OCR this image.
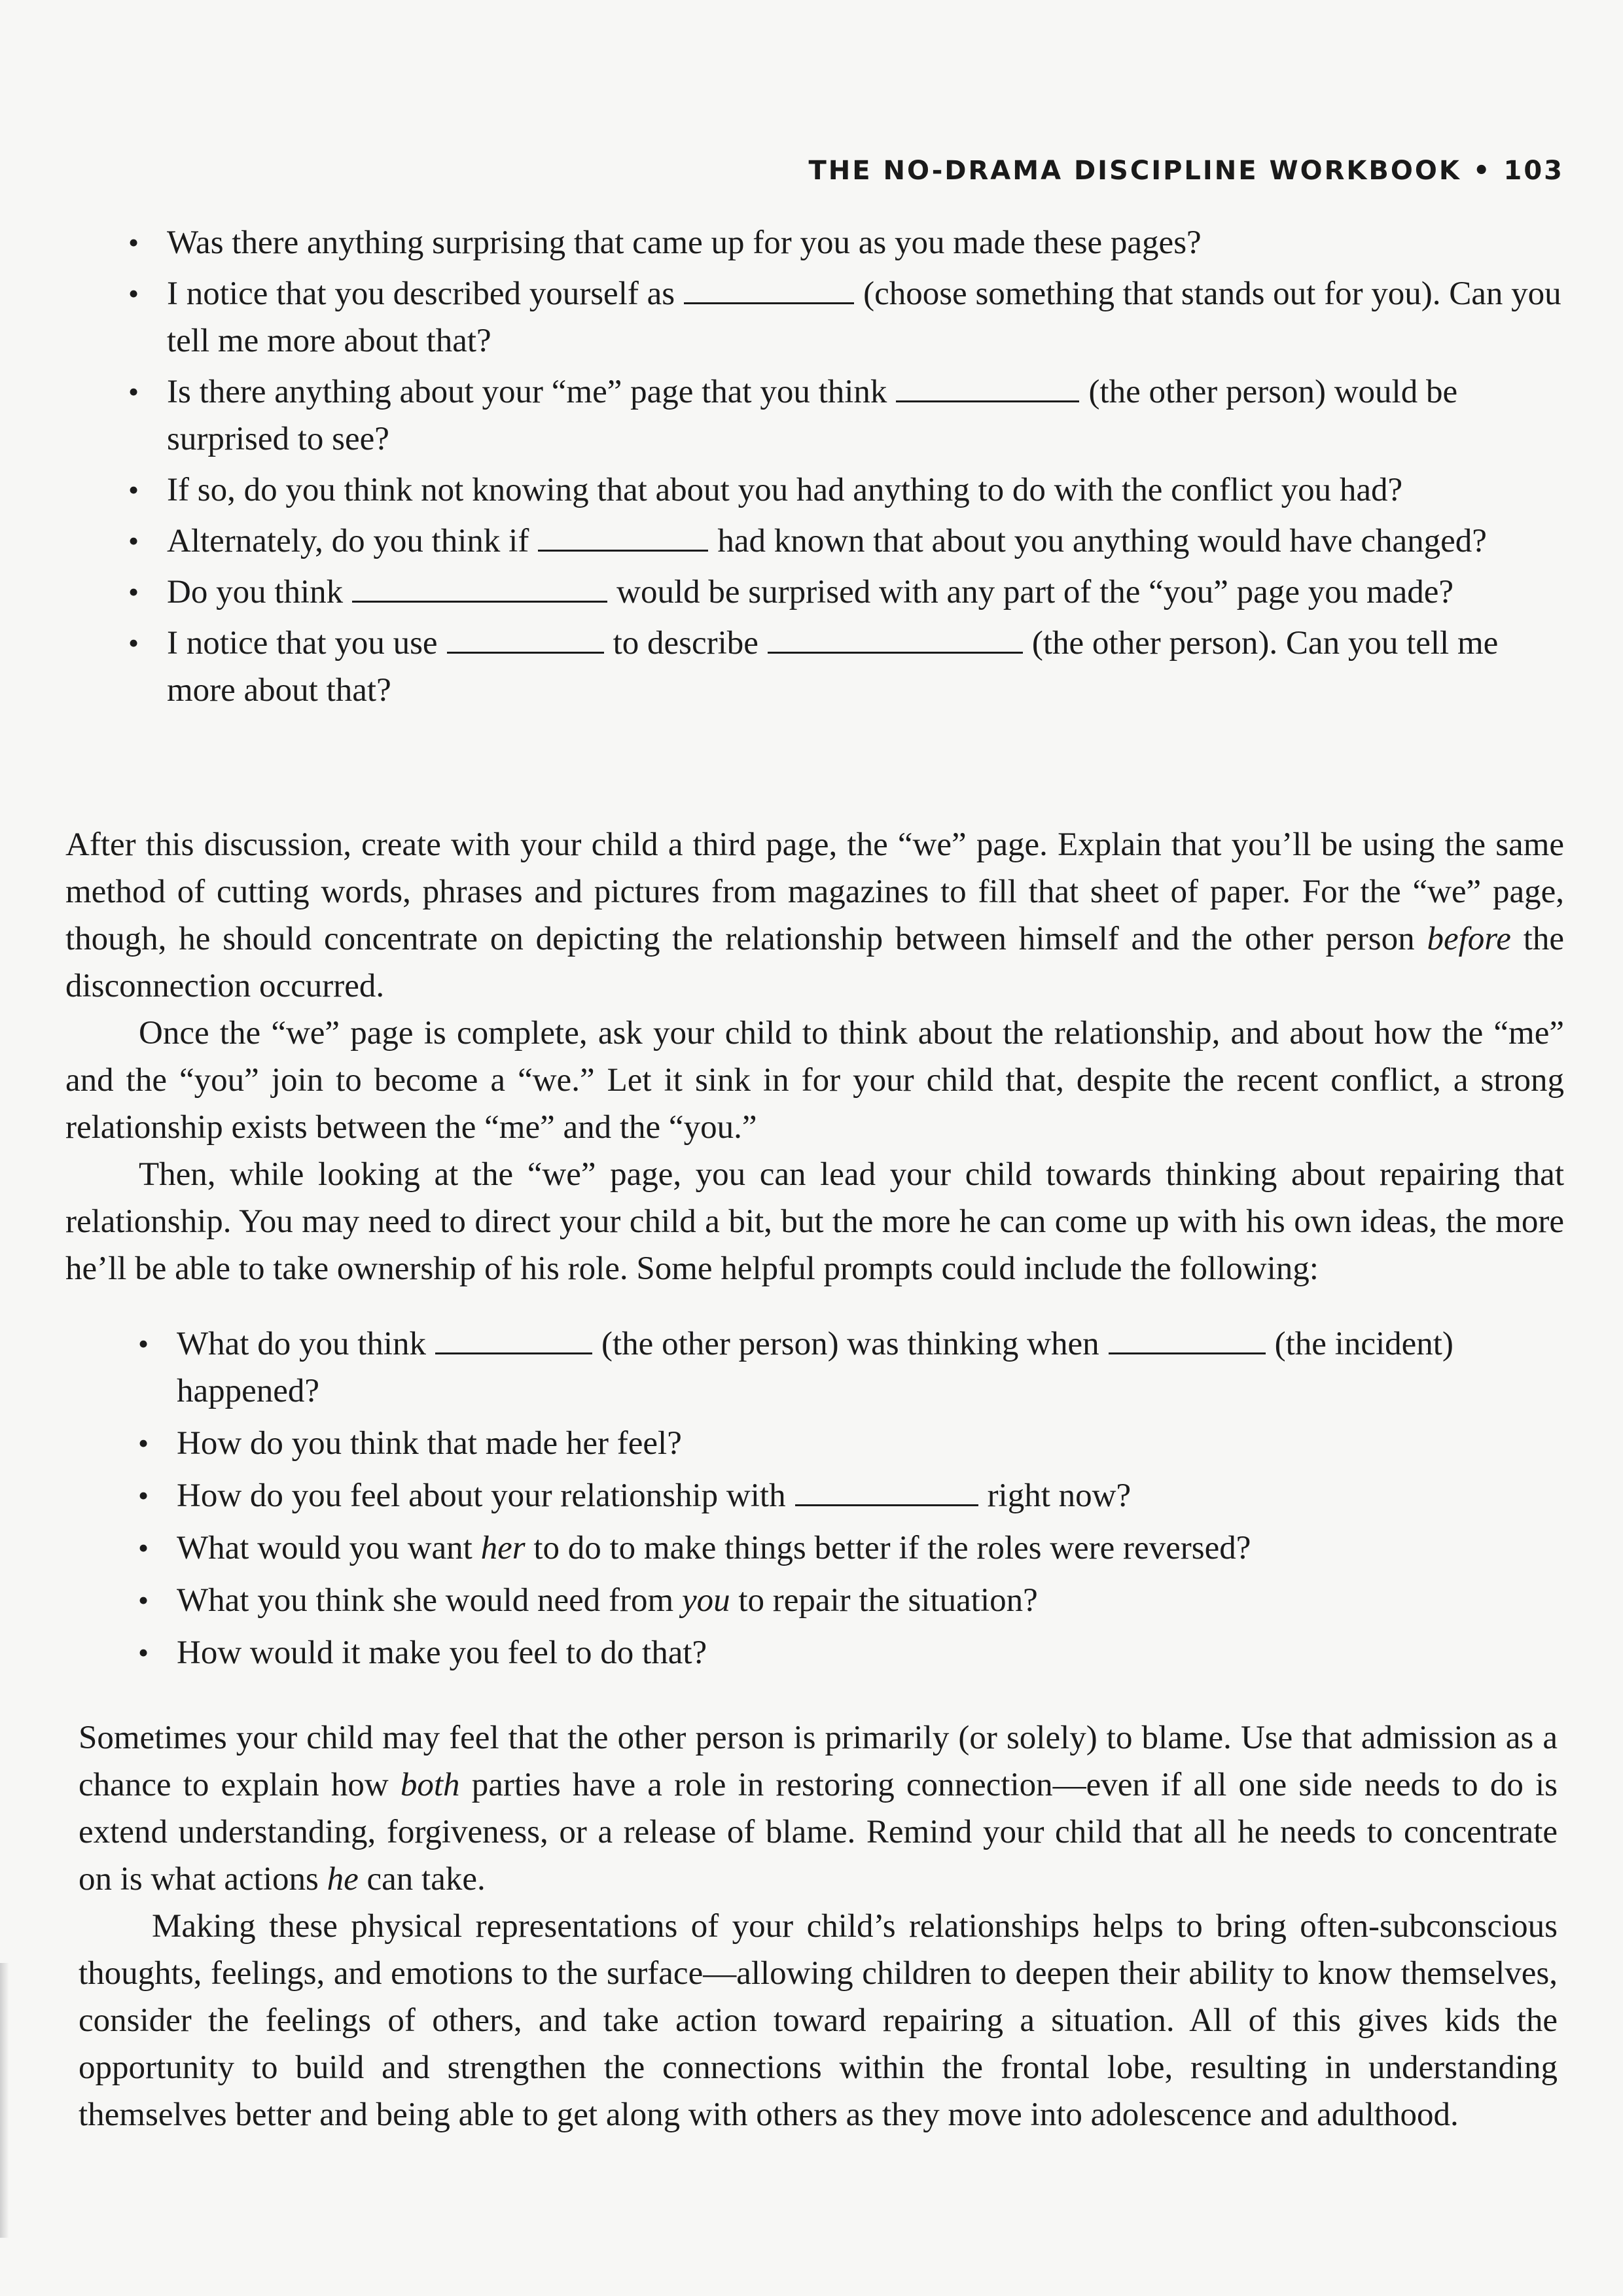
THE NO-DRAMA DISCIPLINE WORKBOOK • 103
• Was there anything surprising that came up for you as you made these pages?
• I notice that you described yourself as	(choose something that stands out for you). Can you tell me more about that?
• Is there anything about your “me” page that you think	(the other person) would be surprised to see?
• If so, do you think not knowing that about you had anything to do with the conflict you had?
• Alternately, do you think if	had known that about you anything would have changed?
• Do you think	would be surprised with any part of the “you” page you made?
• I notice that you use	to describe	(the other person). Can you tell me more about that?

After this discussion, create with your child a third page, the “we” page. Explain that you’ll be using the same method of cutting words, phrases and pictures from magazines to fill that sheet of paper. For the “we” page, though, he should concentrate on depicting the relationship between himself and the other person before the disconnection occurred.

Once the “we” page is complete, ask your child to think about the relationship, and about how the “me” and the “you” join to become a “we.” Let it sink in for your child that, despite the recent conflict, a strong relationship exists between the “me” and the “you.”

Then, while looking at the “we” page, you can lead your child towards thinking about repairing that relationship. You may need to direct your child a bit, but the more he can come up with his own ideas, the more he’ll be able to take ownership of his role. Some helpful prompts could include the following:

• What do you think	(the other person) was thinking when	(the incident) happened?
• How do you think that made her feel?
• How do you feel about your relationship with	right now?
• What would you want her to do to make things better if the roles were reversed?
• What you think she would need from you to repair the situation?
• How would it make you feel to do that?

Sometimes your child may feel that the other person is primarily (or solely) to blame. Use that admission as a chance to explain how both parties have a role in restoring connection—even if all one side needs to do is extend understanding, forgiveness, or a release of blame. Remind your child that all he needs to concentrate on is what actions he can take.

Making these physical representations of your child’s relationships helps to bring often-subconscious thoughts, feelings, and emotions to the surface—allowing children to deepen their ability to know themselves, consider the feelings of others, and take action toward repairing a situation. All of this gives kids the opportunity to build and strengthen the connections within the frontal lobe, resulting in understanding themselves better and being able to get along with others as they move into adolescence and adulthood.
